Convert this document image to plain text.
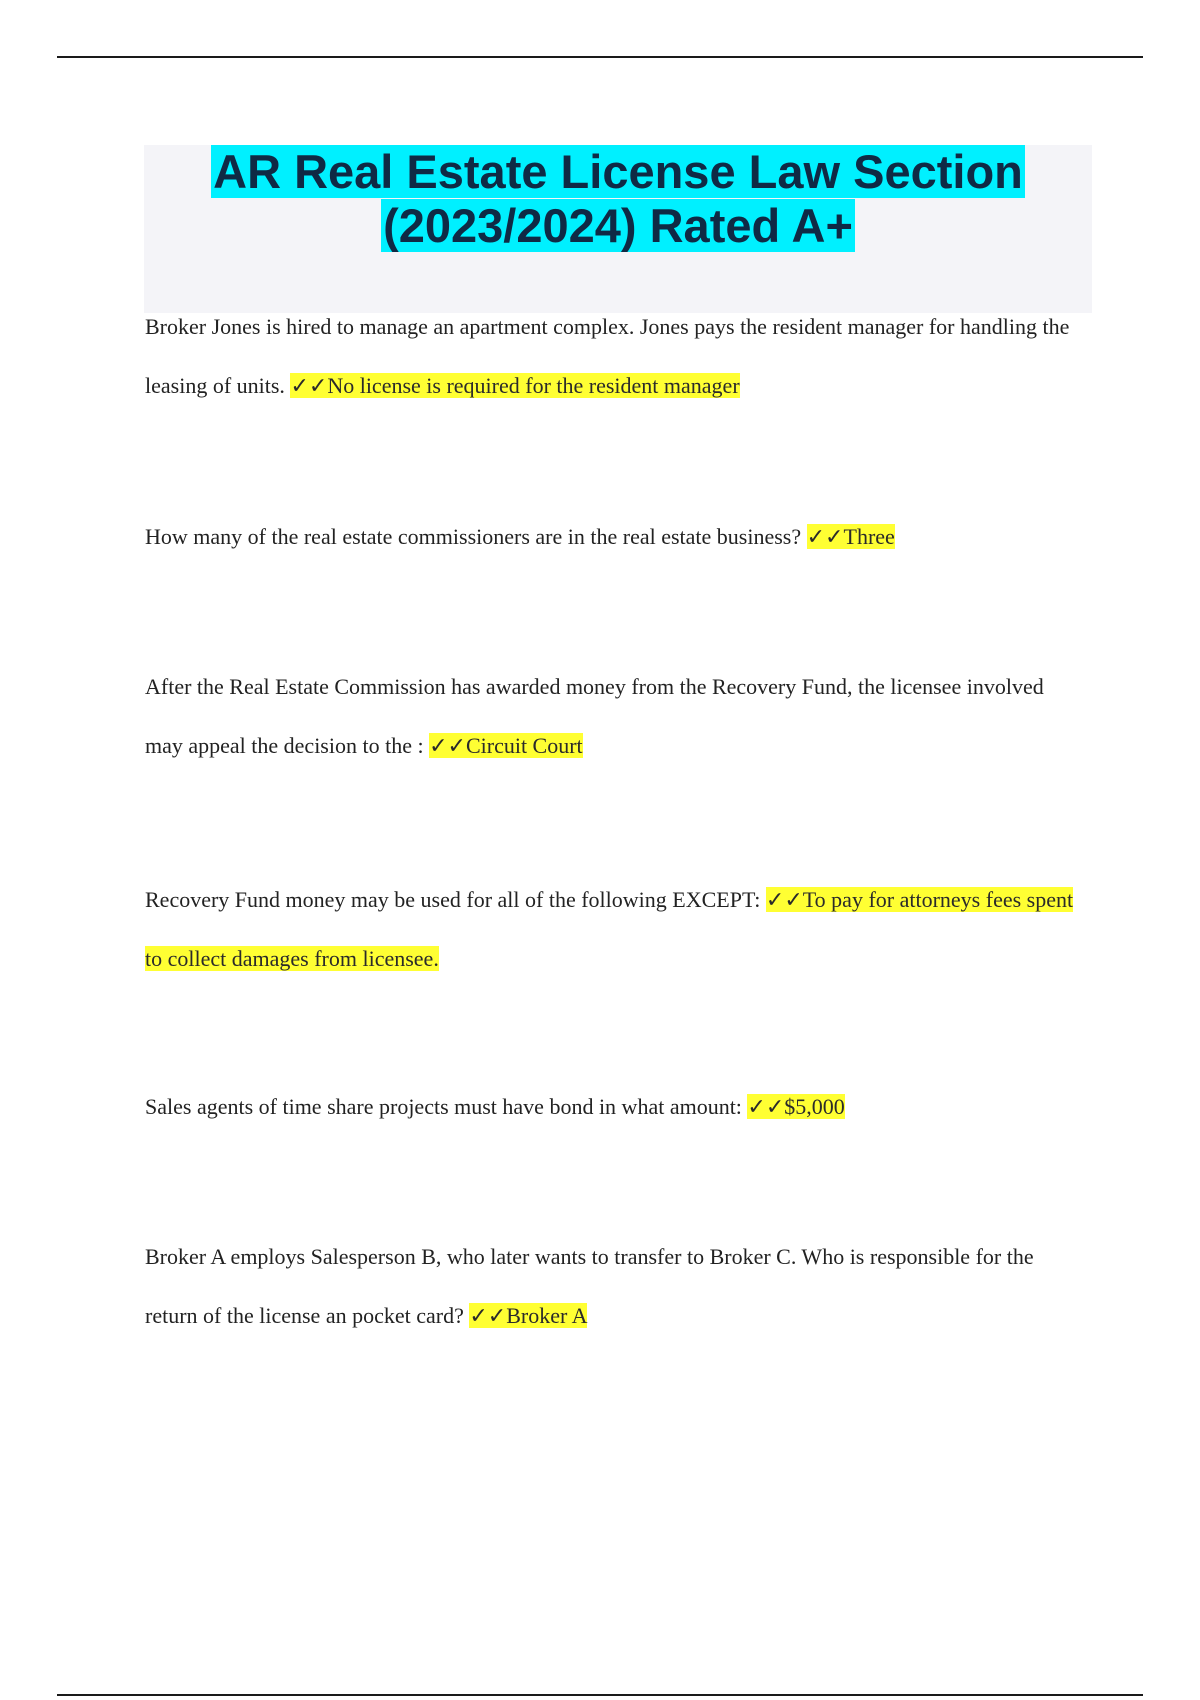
AR Real Estate License Law Section
(2023/2024) Rated A+

Broker Jones is hired to manage an apartment complex. Jones pays the resident manager for handling the leasing of units. ✓✓No license is required for the resident manager

How many of the real estate commissioners are in the real estate business? ✓✓Three

After the Real Estate Commission has awarded money from the Recovery Fund, the licensee involved may appeal the decision to the : ✓✓Circuit Court

Recovery Fund money may be used for all of the following EXCEPT: ✓✓To pay for attorneys fees spent to collect damages from licensee.

Sales agents of time share projects must have bond in what amount: ✓✓$5,000

Broker A employs Salesperson B, who later wants to transfer to Broker C. Who is responsible for the return of the license an pocket card? ✓✓Broker A
